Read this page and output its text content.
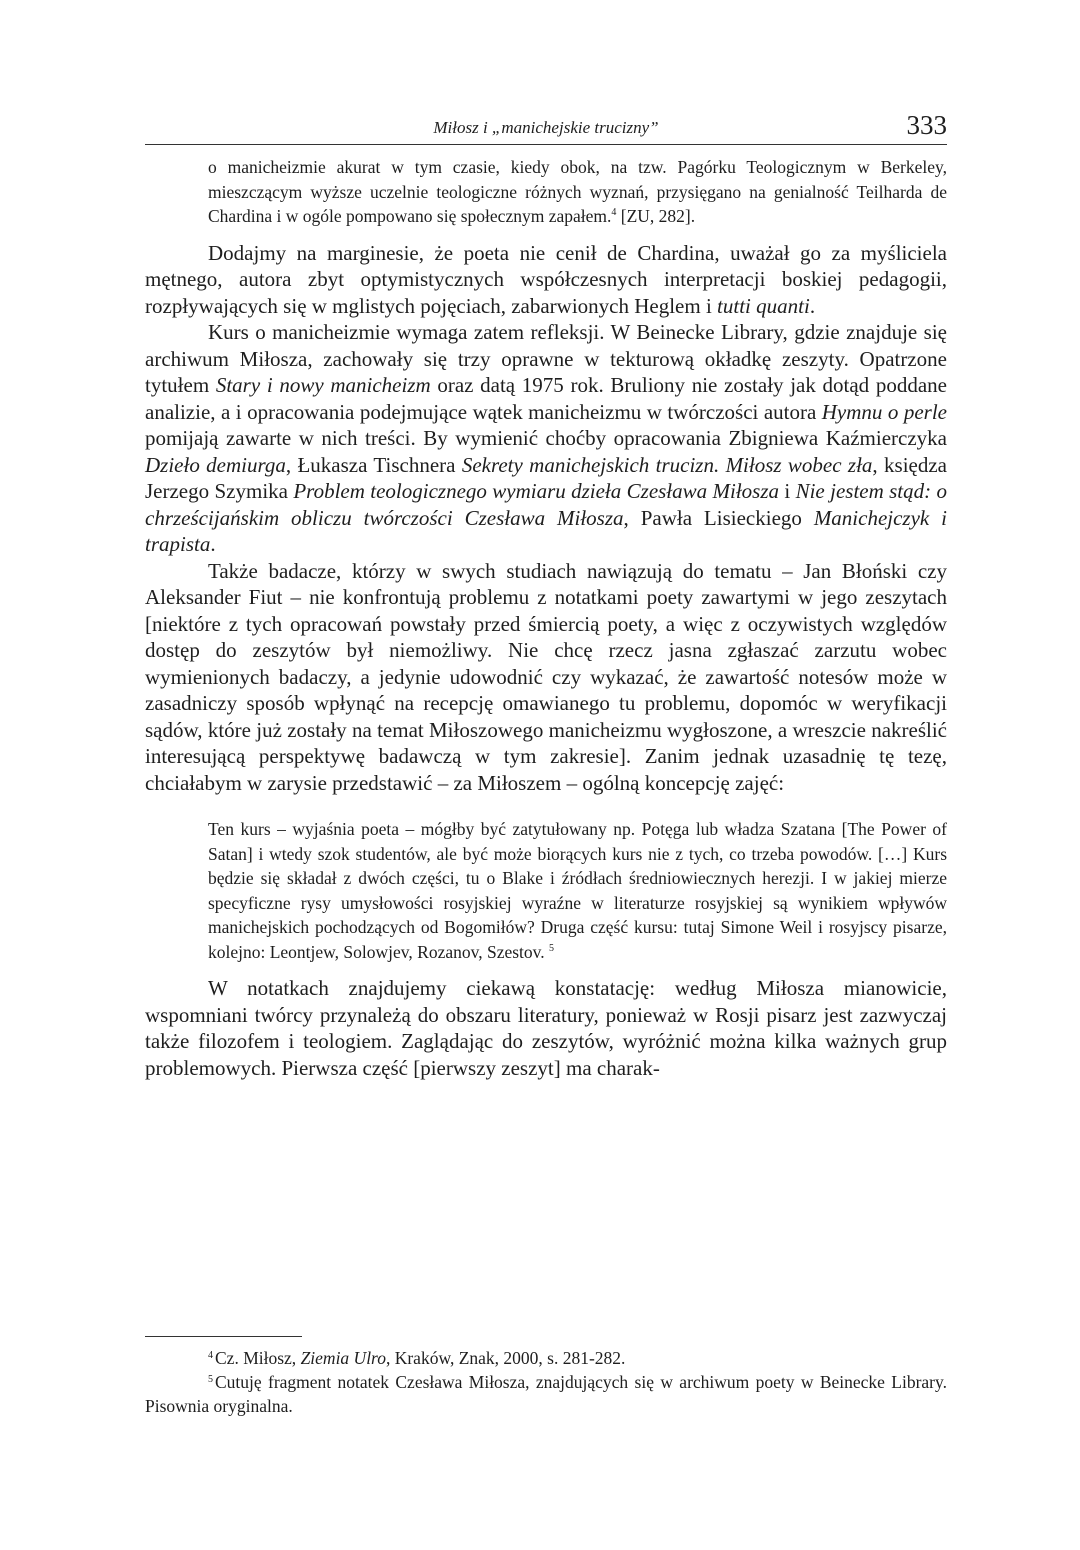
Miłosz i „manichejskie trucizny”	333

o manicheizmie akurat w tym czasie, kiedy obok, na tzw. Pagórku Teologicznym w Berkeley, mieszczącym wyższe uczelnie teologiczne różnych wyznań, przysięgano na genialność Teilharda de Chardina i w ogóle pompowano się społecznym zapałem.$^4$ [ZU, 282].

Dodajmy na marginesie, że poeta nie cenił de Chardina, uważał go za myśliciela mętnego, autora zbyt optymistycznych współczesnych interpretacji boskiej pedagogii, rozpływających się w mglistych pojęciach, zabarwionych Heglem i tutti quanti.

Kurs o manicheizmie wymaga zatem refleksji. W Beinecke Library, gdzie znajduje się archiwum Miłosza, zachowały się trzy oprawne w tekturową okładkę zeszyty. Opatrzone tytułem Stary i nowy manicheizm oraz datą 1975 rok. Bruliony nie zostały jak dotąd poddane analizie, a i opracowania podejmujące wątek manicheizmu w twórczości autora Hymnu o perle pomijają zawarte w nich treści. By wymienić choćby opracowania Zbigniewa Kaźmierczyka Dzieło demiurga, Łukasza Tischnera Sekrety manichejskich trucizn. Miłosz wobec zła, księdza Jerzego Szymika Problem teologicznego wymiaru dzieła Czesława Miłosza i Nie jestem stąd: o chrześcijańskim obliczu twórczości Czesława Miłosza, Pawła Lisieckiego Manichejczyk i trapista.

Także badacze, którzy w swych studiach nawiązują do tematu – Jan Błoński czy Aleksander Fiut – nie konfrontują problemu z notatkami poety zawartymi w jego zeszytach [niektóre z tych opracowań powstały przed śmiercią poety, a więc z oczywistych względów dostęp do zeszytów był niemożliwy. Nie chcę rzecz jasna zgłaszać zarzutu wobec wymienionych badaczy, a jedynie udowodnić czy wykazać, że zawartość notesów może w zasadniczy sposób wpłynąć na recepcję omawianego tu problemu, dopomóc w weryfikacji sądów, które już zostały na temat Miłoszowego manicheizmu wygłoszone, a wreszcie nakreślić interesującą perspektywę badawczą w tym zakresie]. Zanim jednak uzasadnię tę tezę, chciałabym w zarysie przedstawić – za Miłoszem – ogólną koncepcję zajęć:

Ten kurs – wyjaśnia poeta – mógłby być zatytułowany np. Potęga lub władza Szatana [The Power of Satan] i wtedy szok studentów, ale być może biorących kurs nie z tych, co trzeba powodów. […] Kurs będzie się składał z dwóch części, tu o Blake i źródłach średniowiecznych herezji. I w jakiej mierze specyficzne rysy umysłowości rosyjskiej wyraźne w literaturze rosyjskiej są wynikiem wpływów manichejskich pochodzących od Bogomiłów? Druga część kursu: tutaj Simone Weil i rosyjscy pisarze, kolejno: Leontjew, Solowjev, Rozanov, Szestov. $^5$

W notatkach znajdujemy ciekawą konstatację: według Miłosza mianowicie, wspomniani twórcy przynależą do obszaru literatury, ponieważ w Rosji pisarz jest zazwyczaj także filozofem i teologiem. Zaglądając do zeszytów, wyróżnić można kilka ważnych grup problemowych. Pierwsza część [pierwszy zeszyt] ma charak-

$^4$ Cz. Miłosz, Ziemia Ulro, Kraków, Znak, 2000, s. 281-282.

$^5$ Cutuję fragment notatek Czesława Miłosza, znajdujących się w archiwum poety w Beinecke Library. Pisownia oryginalna.
